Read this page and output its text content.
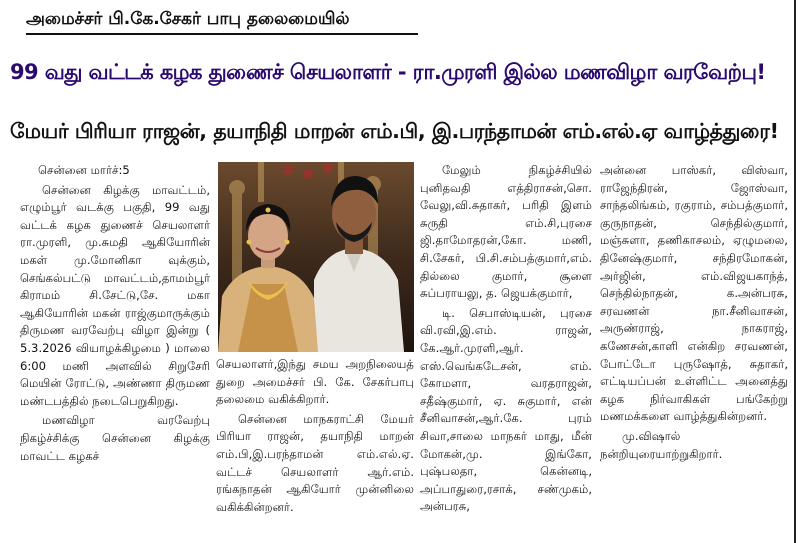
அமைச்சர் பி.கே.சேகர் பாபு தலைமையில்
99 வது வட்டக் கழக துணைச் செயலாளர் - ரா.முரளி இல்ல மணவிழா வரவேற்பு!
மேயர் பிரியா ராஜன், தயாநிதி மாறன் எம்.பி, இ.பரந்தாமன் எம்.எல்.ஏ வாழ்த்துரை!

சென்னை மார்ச்:5

சென்னை கிழக்கு மாவட்டம், எழும்பூர் வடக்கு பகுதி, 99 வது வட்டக் கழக துணைச் செயலாளர் ரா.முரளி, மு.சுமதி ஆகியோரின் மகள் மு.மோனிகா வுக்கும், செங்கல்பட்டு மாவட்டம்,தாமம்பூர் கிராமம் சி.சேட்டு,சே. மகா ஆகியோரின் மகன் ராஜ்குமாருக்கும் திருமண வரவேற்பு விழா இன்று ( 5.3.2026 வியாழக்கிழமை ) மாலை 6:00 மணி அளவில் சிறுசேரி மெயின் ரோட்டு, அண்ணா திருமண மண்டபத்தில் நடைபெறுகிறது.

மணவிழா வரவேற்பு நிகழ்ச்சிக்கு சென்னை கிழக்கு மாவட்ட கழகச்

செயலாளர்,இந்து சமய அறநிலையத் துறை அமைச்சர் பி. கே. சேகர்பாபு தலைமை வகிக்கிறார்.

சென்னை மாநகராட்சி மேயர் பிரியா ராஜன், தயாநிதி மாறன் எம்.பி,இ.பரந்தாமன் எம்.எல்.ஏ. வட்டச் செயலாளர் ஆர்.எம். ரங்கநாதன் ஆகியோர் முன்னிலை வகிக்கின்றனர்.

மேலும் நிகழ்ச்சியில் புனிதவதி எத்திராசன்,சொ. வேலு,வி.சுதாகர், பரிதி இளம் சுருதி எம்.சி,புரசை ஜி.தாமோதரன்,கோ. மணி, சி.சேகர், பி.சி.சம்பத்குமார்,எம். தில்லை குமார், சூளை சுப்பராயலு, த. ஜெயக்குமார்,

டி. செபாஸ்டியன், புரசை வி.ரவி,இ.எம். ராஜன், கே.ஆர்.முரளி,ஆர். எஸ்.வெங்கடேசன், எம். கோமளா, வரதராஜன், சதீஷ்குமார், ஏ. சுகுமார், என் சீனிவாசன்,ஆர்.கே. புரம் சிவா,சாலை மாநகர் மாது, மீன் மோகன்,மு. இங்கோ, புஷ்பலதா, கென்னடி, அப்பாதுரை,ரசாக், சண்முகம், அன்பரசு,

அன்னை பாஸ்கர், விஸ்வா, ராஜேந்திரன், ஜோஸ்வா, சாந்தலிங்கம், ரகுராம், சம்பத்குமார், குருநாதன், செந்தில்குமார், மஞ்சுளா, தணிகாசலம், ஏழுமலை, தினேஷ்குமார், சந்திரமோகன், அர்ஜின், எம்.விஜயகாந்த், செந்தில்நாதன், க.அன்பரசு, சரவணன் நா.சீனிவாசன், அருண்ராஜ், நாகராஜ், கணேசன்,காளி என்கிற சரவணன், போட்டோ புருஷோத், சுதாகர், எட்டியப்பன் உள்ளிட்ட அனைத்து கழக நிர்வாகிகள் பங்கேற்று மணமக்களை வாழ்த்துகின்றனர்.

மு.விஷால் நன்றியுரையாற்றுகிறார்.
